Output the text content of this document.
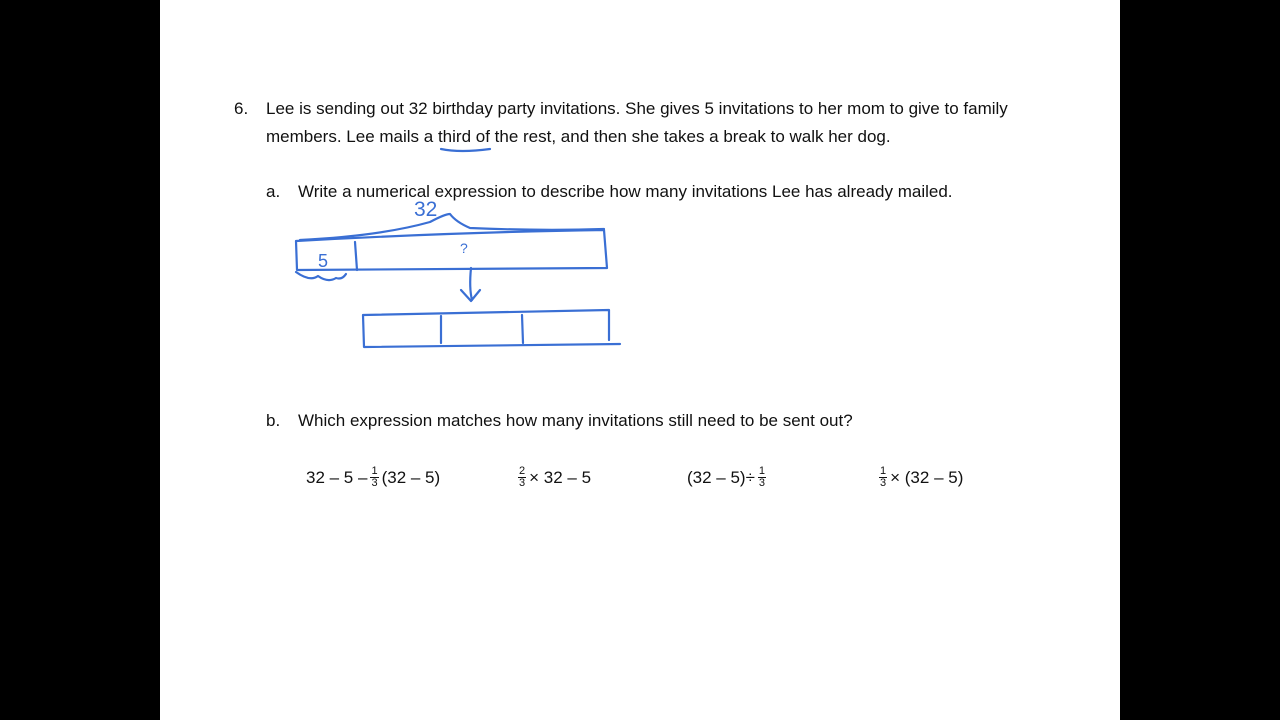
6. Lee is sending out 32 birthday party invitations. She gives 5 invitations to her mom to give to family
members. Lee mails a third of the rest, and then she takes a break to walk her dog.
a. Write a numerical expression to describe how many invitations Lee has already mailed.
b. Which expression matches how many invitations still need to be sent out?
$32 - 5 - \frac{1}{3} (32 - 5)$	$\frac{2}{3} \times 32 - 5$	$(32 - 5)\div \frac{1}{3}$	$\frac{1}{3} \times (32 - 5)$
32
5
?
